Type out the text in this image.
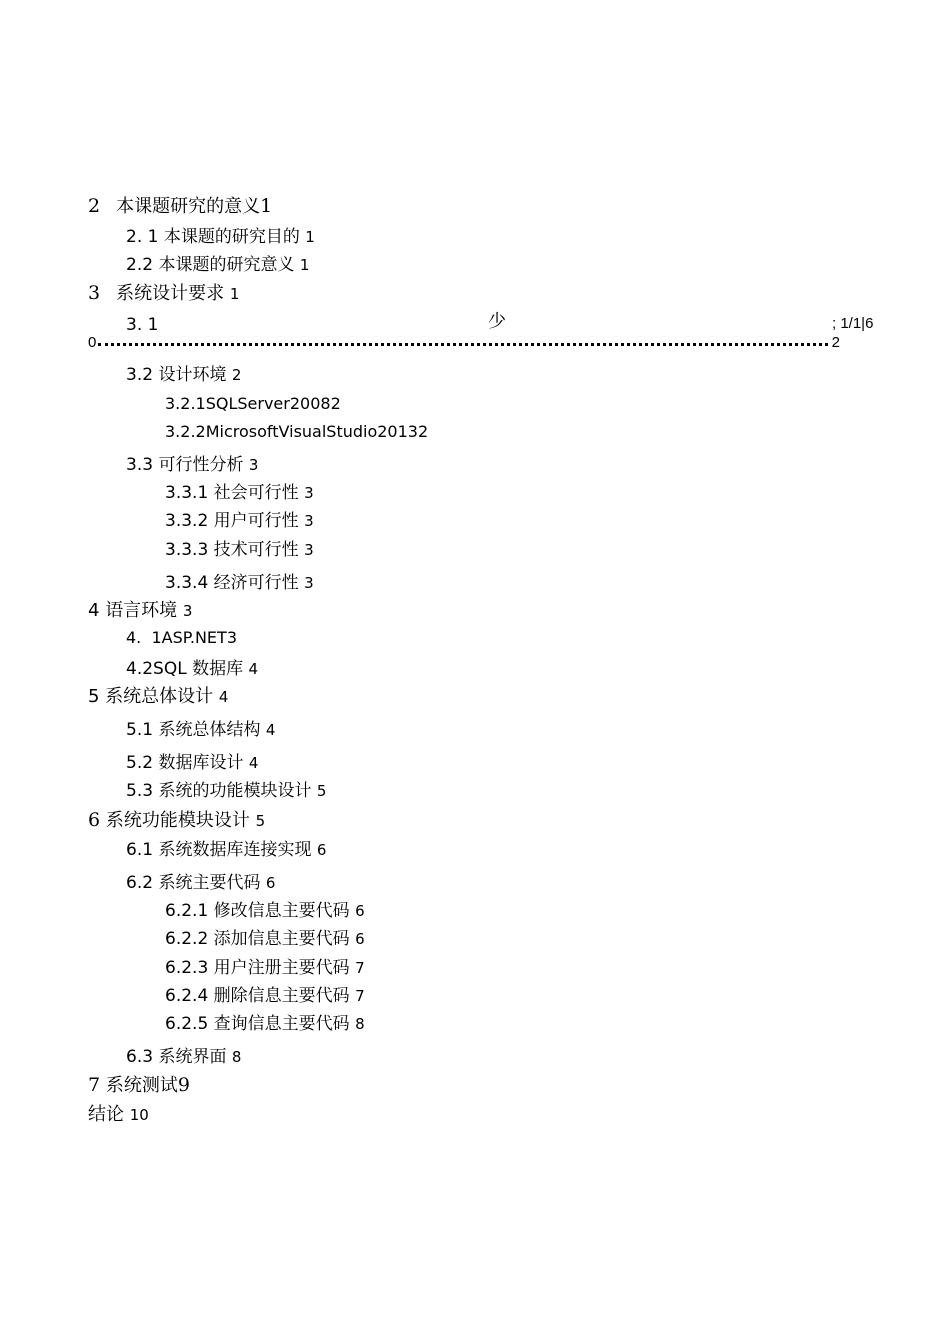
2 本课题研究的意义1
2. 1 本课题的研究目的 1
2.2 本课题的研究意义 1
3 系统设计要求 1
3. 1	少	; 1/1|6
0	2
3.2 设计环境 2
3.2.1SQLServer20082
3.2.2MicrosoftVisualStudio20132
3.3 可行性分析 3
3.3.1 社会可行性 3
3.3.2 用户可行性 3
3.3.3 技术可行性 3
3.3.4 经济可行性 3
4 语言环境 3
4. 1ASP.NET3
4.2SQL 数据库 4
5 系统总体设计 4
5.1 系统总体结构 4
5.2 数据库设计 4
5.3 系统的功能模块设计 5
6 系统功能模块设计 5
6.1 系统数据库连接实现 6
6.2 系统主要代码 6
6.2.1 修改信息主要代码 6
6.2.2 添加信息主要代码 6
6.2.3 用户注册主要代码 7
6.2.4 删除信息主要代码 7
6.2.5 查询信息主要代码 8
6.3 系统界面 8
7 系统测试9
结论 10
